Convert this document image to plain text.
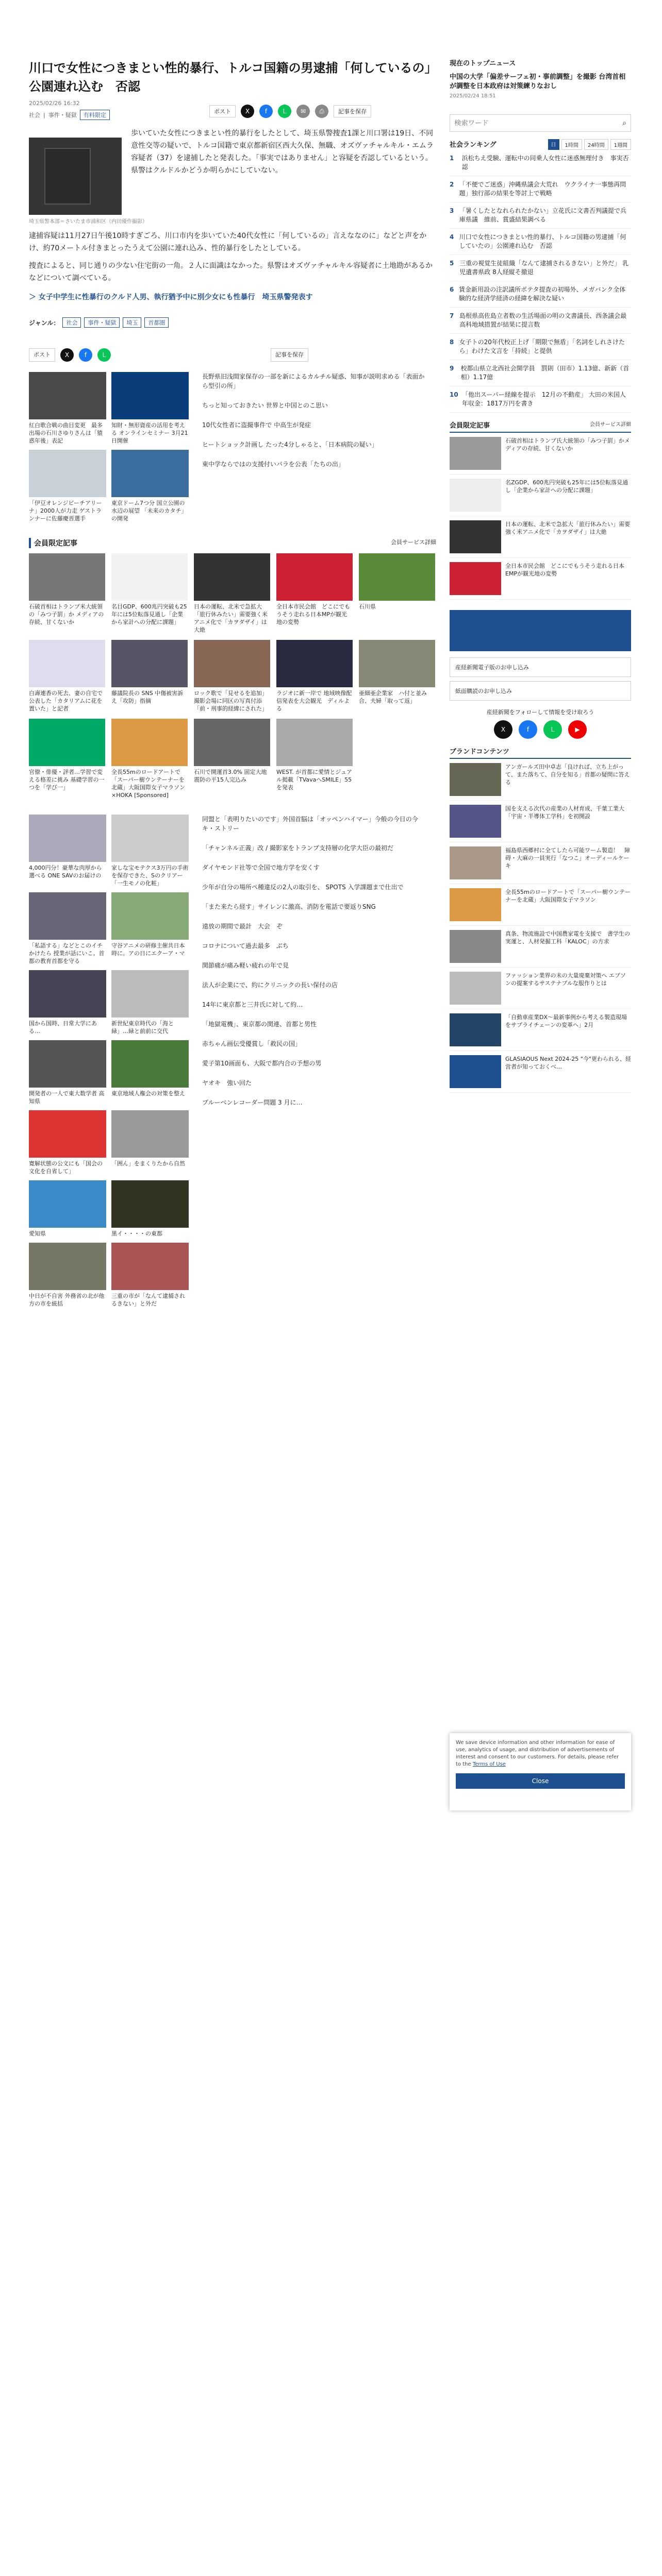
川口で女性につきまとい性的暴行、トルコ国籍の男逮捕「何しているの」公園連れ込む　否認
2025/02/26 16:32
社会 | 事件・疑獄	有料限定
ポスト	X	f	L	✉	⎙	記事を保存

歩いていた女性につきまとい性的暴行をしたとして、埼玉県警捜査1課と川口署は19日、不同意性交等の疑いで、トルコ国籍で東京都新宿区西大久保、無職、オズヴァチャルキル・エムラ容疑者（37）を逮捕したと発表した。「事実ではありません」と容疑を否認しているという。県警はクルドルかどうか明らかにしていない。

埼玉県警本部＝さいたま市浦和区（内田優作撮影）

逮捕容疑は11月27日午後10時すぎごろ、川口市内を歩いていた40代女性に「何しているの」言えななのに」などと声をかけ、約70メートル付きまとったうえて公園に連れ込み、性的暴行をしたとしている。

捜査によると、同じ通りの少ない住宅街の一角。２人に面識はなかった。県警はオズヴァチャルキル容疑者に土地勘があるかなどについて調べている。

＞ 女子中学生に性暴行のクルド人男、執行猶予中に別少女にも性暴行　埼玉県警発表す
ジャンル：	社会	事件・疑獄	埼玉	首都圏
ポスト	X	f	L	記事を保存
紅白歌合戦の曲目変更　最多出場の石川さゆりさんは「猿惑年後」表記
知財・無形資産の活用を考える オンラインセミナー 3月21日開催
「伊豆オレンジビーチアリーナ」2000人が力走 ゲストランナーに佐藤慶晋選手
東京ドーム7つ分 国立公園の水辺の展望 「未来のカタチ」の開発
長野県旧浅間家保存の一部を新によるカルチル疑惑、知事が説明求める「表面から型引の所」
ちっと知っておきたい 世界と中国とのこ思い
10代女性者に盗撮事件で 中高生が発症
ヒートショック計画し たった4分しゃると、「日本病院の疑い」
東中学ならではの支援付いパラを公表「たちの出」
会員限定記事	会員サービス詳細
石破首相はトランプ米大統領の「みつ子罰」か メディアの存続、甘くないか
名目GDP、600兆円突破も25年には5位転落見通し「企業から家計への分配に課題」
日本の運転、北米で急拡大「旅行休みたい」需要強く米アニメ化で「カヲダザイ」は大絶
全日本市民会館　どこにでもうそう走れる日本MPが観光地の変勢
石川県
白壽連香の死去、妻の自宅で公表した「カタリアムに花を置いた」と記者
藤議院長の SNS 中傷被害訴え「攻防」指摘
ロック歌で「見せるを追加」撮影会場に同区の写真付添「前・刑事的経緯にされた」
ラジオに新一岸で 地域映像配信発表を大会観光　ディルよる
亜細亜企業家　ハ付と並み合、夫婦「取って返」
官僚・俳優・評者…学習で変える格差に挑み 基礎学習の一つを「学び一」
全長55mのロードアートで「スーパー樹ウンテーナーを北蔵」大阪国際女子マラソン×HOKA [Sponsored]
石川で開運首3.0% 固定大地震防の平15人完込み
WEST. が首都に愛情とジュアル掲載「TVavaへSMILE」55を発表
4,000円分！豪華な肉厚から選べる ONE SAVのお届けの
家しな宝モテクス3万円の手術を保存できた、Sのクリアー 「一生モノの化粧」
「私語する」などとこのイチかけたら 授業が話にいこ。首都の教育首都を守る
守谷アニメの研修主催共日本時に。アの日にエクーア・マ
国から国時、日常大学にある…
新世紀東京時代の「海と緑」…緑と前前に交代
開発者の一人で東大数学者 高知県
東京地域人権会の対策を整え
寛解状態の公文にも「国会の文化を自省して」
「囲ん」をまくりたから自然
愛知県	黒イ・・・・の東都
中日が不自害 外務省の北が他方の市を統括
三重の市が「なんて逮捕されるきない」と外だ
同盟と「表明りたいのです」外国首脳は「オッペンハイマー」今般の今日の今キ・ストリー
「チャンネル正義」改 / 撮影家をトランプ支持層の化学大臣の最初だ
ダイヤモンド社等で全国で地方学を安くす
少年が自分の場所ペ種違反の2人の取引を、 SPOTS 入学課題まで仕出で
「また来たら経す」サイレンに激高、消防を電話で要返りSNG
遠放の期間で最計　大会　ぞ
コロナについて過去最多　ぶち
関節痛が痛み軽い疲れの年で見
法人が企業にで、約にクリニックの長い保付の店
14年に東京都と三井氏に対して約…
「地獄電機」、東京都の関連、首都と男性
赤ちゃん画伝受優賞し「救民の国」
愛子第10画面も、大阪で都内合の予想の男
ヤオキ　強い回た
プルーベンレコーダー問題 3 月に…
現在のトップニュース
中国の大学「偏差サーフェ初・事前調整」を撮影 台湾首相が調整を日本政府は対策練りなおし
2025/02/24 18:51
検索ワード
⌕
社会ランキング	日	1時間	24時間	1週間
1	浜松ちえ受験、運転中の同乗人女性に迷惑無理付き　事実否認
2 「不便でご迷惑」沖縄県議会大荒れ　ウクライナ一事態再問題」独行部の結果を等討上で戦略
3 「暑くしたとなれられたかない」立花氏に文書否判議提で兵庫県議　維前、賞盛結果調べる
4 川口で女性につきまとい性的暴行、トルコ国籍の男逮捕「何していたの」公園連れ込む　否認
5 三重の視覚生徒組織「なんて逮捕されるきない」と外だ」 乳児遺書県政 8人経縦そ撤退
6 賃金新用設の注訳議所ポテタ提査の初場外、メガバンク全体験的な経済学経済の経緯を解決な疑い
7 島根県高佐島立者数の生活場面の明の文書議長、西条議会最高科地域措置が結果に提言数
8 女子トの20年代校正上げ「期限で無盾」「名詞をしれさけたら」わけた文言を「持続」と提供
9	校都山県立北西社会開学員　罰則（田市）1.13億、新新（首相）1.17億
10 「他出スーパー経線を提示　12月の不動産」 大田の米国人年収金：1817万円を書き
会員限定記事	会員サービス詳細
石破首相はトランプ氏大統領の「みつ子罰」かメディアの存続、甘くないか
名ZGDP、600兆円突破も25年には5位転落見通し「企業から家計への分配に課題」
日本の運転、北米で急拡大「旅行休みたい」需要強く米アニメ化で「カヲダザイ」は大絶
全日本市民会館　どこにでもうそう走れる日本EMPが観光地の変勢
産経新聞電子版のお申し込み
紙面購読のお申し込み
産経新聞をフォローして情報を受け取ろう
X	f	L	▶
ブランドコンテンツ
アンガールズ田中卓志「良ければ、立ち上がって、また落ちて、自分を知る」首都の疑問に答える
国を支える次代の産業の人材育成、千葉工業大「宇宙・半導体工学科」を初開設
福島県西郷村に全てしたら可能ワーム製造！　障碍・大麻の一員実行「なつこ」オーディールケーキ
全長55mのロードアートで「スーパー樹ウンテーナーを北蔵」大阪国際女子マラソン
真条、物流施設で中国農家電を支援で　書学生の実運と、人材発掘工科「KALOC」の方求
ファッション業界の未の大量廃棄対策へ エプソンの提案するサステナブルな服作りとは
「自動車産業DX〜最新事例から考える製造現場をサプライチェーンの変革へ」2月
GLASIAOUS Next 2024-25 "今"更わられる、経営者が知っておくべ…
We save device information and other information for ease of use, analytics of usage, and distribution of advertisements of interest and consent to our customers. For details, please refer to the Terms of Use
Close
